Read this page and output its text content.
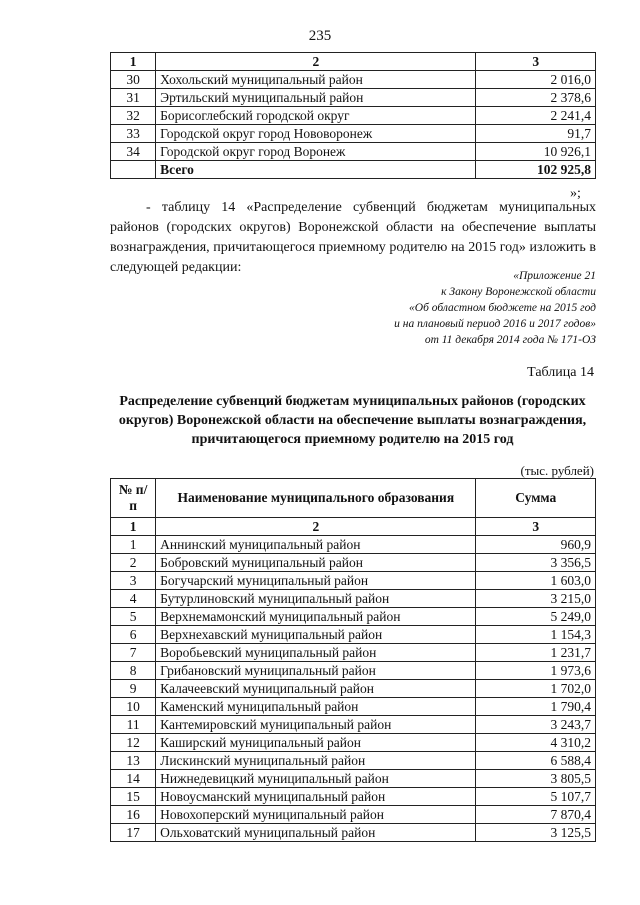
235
1	2	3
30	Хохольский муниципальный район	2 016,0
31	Эртильский муниципальный район	2 378,6
32	Борисоглебский городской округ	2 241,4
33	Городской округ город Нововоронеж	91,7
34	Городской округ город Воронеж	10 926,1
	Всего	102 925,8
»;
- таблицу 14 «Распределение субвенций бюджетам муниципальных районов (городских округов) Воронежской области на обеспечение выплаты вознаграждения, причитающегося приемному родителю на 2015 год» изложить в следующей редакции:
«Приложение 21
к Закону Воронежской области
«Об областном бюджете на 2015 год
и на плановый период 2016 и 2017 годов»
от 11 декабря 2014 года № 171-ОЗ
Таблица 14
Распределение субвенций бюджетам муниципальных районов (городских округов) Воронежской области на обеспечение выплаты вознаграждения, причитающегося приемному родителю на 2015 год
(тыс. рублей)
№ п/п	Наименование муниципального образования	Сумма
1	2	3
1	Аннинский муниципальный район	960,9
2	Бобровский муниципальный район	3 356,5
3	Богучарский муниципальный район	1 603,0
4	Бутурлиновский муниципальный район	3 215,0
5	Верхнемамонский муниципальный район	5 249,0
6	Верхнехавский муниципальный район	1 154,3
7	Воробьевский муниципальный район	1 231,7
8	Грибановский муниципальный район	1 973,6
9	Калачеевский муниципальный район	1 702,0
10	Каменский муниципальный район	1 790,4
11	Кантемировский муниципальный район	3 243,7
12	Каширский муниципальный район	4 310,2
13	Лискинский муниципальный район	6 588,4
14	Нижнедевицкий муниципальный район	3 805,5
15	Новоусманский муниципальный район	5 107,7
16	Новохоперский муниципальный район	7 870,4
17	Ольховатский муниципальный район	3 125,5
